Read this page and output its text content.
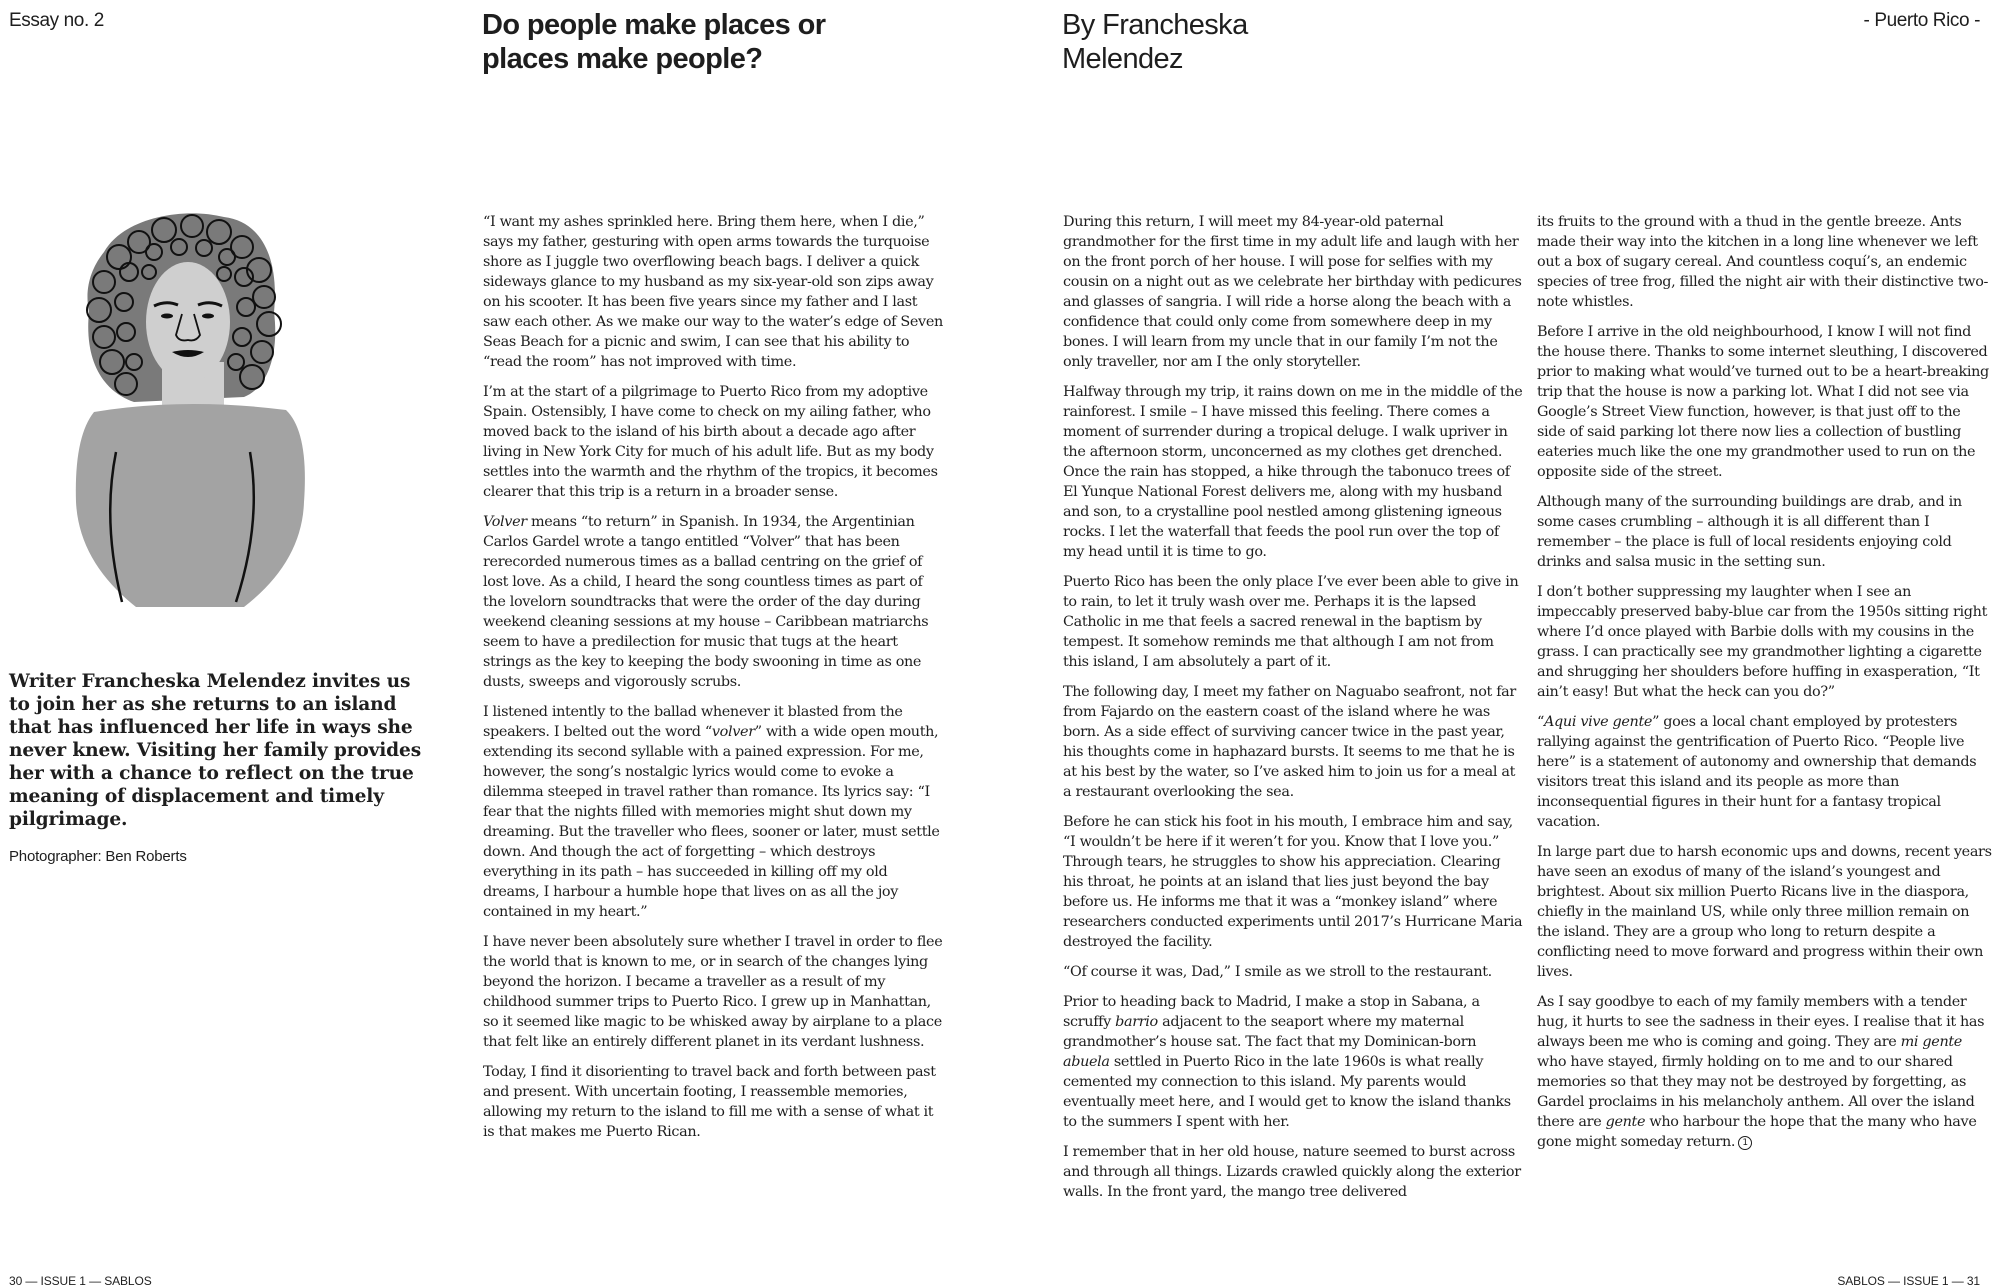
Essay no. 2	Do people make places or places make people?
By Francheska Melendez
- Puerto Rico -

Writer Francheska Melendez invites us to join her as she returns to an island that has influenced her life in ways she never knew. Visiting her family provides her with a chance to reflect on the true meaning of displacement and timely pilgrimage.

Photographer: Ben Roberts

“I want my ashes sprinkled here. Bring them here, when I die,” says my father, gesturing with open arms towards the turquoise shore as I juggle two overflowing beach bags. I deliver a quick sideways glance to my husband as my six-year-old son zips away on his scooter. It has been five years since my father and I last saw each other. As we make our way to the water’s edge of Seven Seas Beach for a picnic and swim, I can see that his ability to “read the room” has not improved with time.

I’m at the start of a pilgrimage to Puerto Rico from my adoptive Spain. Ostensibly, I have come to check on my ailing father, who moved back to the island of his birth about a decade ago after living in New York City for much of his adult life. But as my body settles into the warmth and the rhythm of the tropics, it becomes clearer that this trip is a return in a broader sense.

Volver means “to return” in Spanish. In 1934, the Argentinian Carlos Gardel wrote a tango entitled “Volver” that has been rerecorded numerous times as a ballad centring on the grief of lost love. As a child, I heard the song countless times as part of the lovelorn soundtracks that were the order of the day during weekend cleaning sessions at my house – Caribbean matriarchs seem to have a predilection for music that tugs at the heart strings as the key to keeping the body swooning in time as one dusts, sweeps and vigorously scrubs.

I listened intently to the ballad whenever it blasted from the speakers. I belted out the word “volver” with a wide open mouth, extending its second syllable with a pained expression. For me, however, the song’s nostalgic lyrics would come to evoke a dilemma steeped in travel rather than romance. Its lyrics say: “I fear that the nights filled with memories might shut down my dreaming. But the traveller who flees, sooner or later, must settle down. And though the act of forgetting – which destroys everything in its path – has succeeded in killing off my old dreams, I harbour a humble hope that lives on as all the joy contained in my heart.”

I have never been absolutely sure whether I travel in order to flee the world that is known to me, or in search of the changes lying beyond the horizon. I became a traveller as a result of my childhood summer trips to Puerto Rico. I grew up in Manhattan, so it seemed like magic to be whisked away by airplane to a place that felt like an entirely different planet in its verdant lushness.

Today, I find it disorienting to travel back and forth between past and present. With uncertain footing, I reassemble memories, allowing my return to the island to fill me with a sense of what it is that makes me Puerto Rican.

During this return, I will meet my 84-year-old paternal grandmother for the first time in my adult life and laugh with her on the front porch of her house. I will pose for selfies with my cousin on a night out as we celebrate her birthday with pedicures and glasses of sangria. I will ride a horse along the beach with a confidence that could only come from somewhere deep in my bones. I will learn from my uncle that in our family I’m not the only traveller, nor am I the only storyteller.

Halfway through my trip, it rains down on me in the middle of the rainforest. I smile – I have missed this feeling. There comes a moment of surrender during a tropical deluge. I walk upriver in the afternoon storm, unconcerned as my clothes get drenched. Once the rain has stopped, a hike through the tabonuco trees of El Yunque National Forest delivers me, along with my husband and son, to a crystalline pool nestled among glistening igneous rocks. I let the waterfall that feeds the pool run over the top of my head until it is time to go.

Puerto Rico has been the only place I’ve ever been able to give in to rain, to let it truly wash over me. Perhaps it is the lapsed Catholic in me that feels a sacred renewal in the baptism by tempest. It somehow reminds me that although I am not from this island, I am absolutely a part of it.

The following day, I meet my father on Naguabo seafront, not far from Fajardo on the eastern coast of the island where he was born. As a side effect of surviving cancer twice in the past year, his thoughts come in haphazard bursts. It seems to me that he is at his best by the water, so I’ve asked him to join us for a meal at a restaurant overlooking the sea.

Before he can stick his foot in his mouth, I embrace him and say, “I wouldn’t be here if it weren’t for you. Know that I love you.” Through tears, he struggles to show his appreciation. Clearing his throat, he points at an island that lies just beyond the bay before us. He informs me that it was a “monkey island” where researchers conducted experiments until 2017’s Hurricane Maria destroyed the facility.

“Of course it was, Dad,” I smile as we stroll to the restaurant.

Prior to heading back to Madrid, I make a stop in Sabana, a scruffy barrio adjacent to the seaport where my maternal grandmother’s house sat. The fact that my Dominican-born abuela settled in Puerto Rico in the late 1960s is what really cemented my connection to this island. My parents would eventually meet here, and I would get to know the island thanks to the summers I spent with her.

I remember that in her old house, nature seemed to burst across and through all things. Lizards crawled quickly along the exterior walls. In the front yard, the mango tree delivered

its fruits to the ground with a thud in the gentle breeze. Ants made their way into the kitchen in a long line whenever we left out a box of sugary cereal. And countless coquí’s, an endemic species of tree frog, filled the night air with their distinctive two-note whistles.

Before I arrive in the old neighbourhood, I know I will not find the house there. Thanks to some internet sleuthing, I discovered prior to making what would’ve turned out to be a heart-breaking trip that the house is now a parking lot. What I did not see via Google’s Street View function, however, is that just off to the side of said parking lot there now lies a collection of bustling eateries much like the one my grandmother used to run on the opposite side of the street.

Although many of the surrounding buildings are drab, and in some cases crumbling – although it is all different than I remember – the place is full of local residents enjoying cold drinks and salsa music in the setting sun.

I don’t bother suppressing my laughter when I see an impeccably preserved baby-blue car from the 1950s sitting right where I’d once played with Barbie dolls with my cousins in the grass. I can practically see my grandmother lighting a cigarette and shrugging her shoulders before huffing in exasperation, “It ain’t easy! But what the heck can you do?”

“Aqui vive gente” goes a local chant employed by protesters rallying against the gentrification of Puerto Rico. “People live here” is a statement of autonomy and ownership that demands visitors treat this island and its people as more than inconsequential figures in their hunt for a fantasy tropical vacation.

In large part due to harsh economic ups and downs, recent years have seen an exodus of many of the island’s youngest and brightest. About six million Puerto Ricans live in the diaspora, chiefly in the mainland US, while only three million remain on the island. They are a group who long to return despite a conflicting need to move forward and progress within their own lives.

As I say goodbye to each of my family members with a tender hug, it hurts to see the sadness in their eyes. I realise that it has always been me who is coming and going. They are mi gente who have stayed, firmly holding on to me and to our shared memories so that they may not be destroyed by forgetting, as Gardel proclaims in his melancholy anthem. All over the island there are gente who harbour the hope that the many who have gone might someday return. 1

30 — ISSUE 1 — SABLOS	SABLOS — ISSUE 1 — 31
